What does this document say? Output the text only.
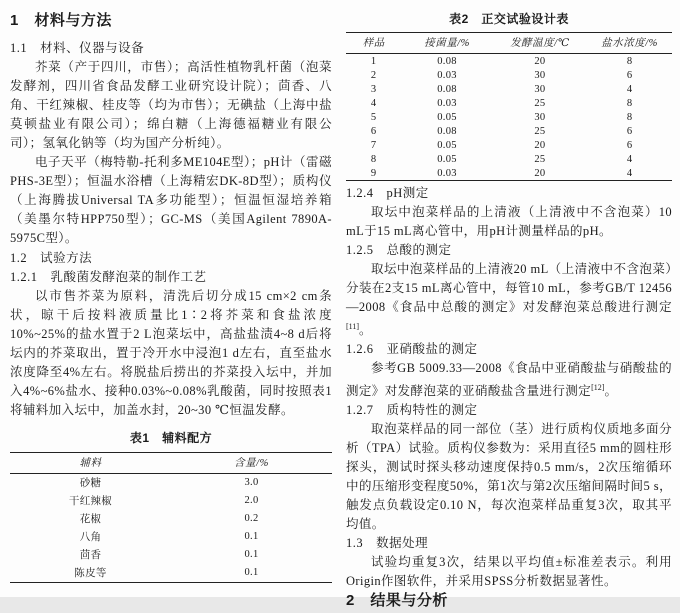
1　材料与方法
1.1　材料、仪器与设备

芥菜（产于四川，市售）；高活性植物乳杆菌（泡菜发酵剂，四川省食品发酵工业研究设计院）；茴香、八角、干红辣椒、桂皮等（均为市售）；无碘盐（上海中盐莫顿盐业有限公司）；绵白糖（上海德福糖业有限公司）；氢氧化钠等（均为国产分析纯）。

电子天平（梅特勒-托利多ME104E型）；pH计（雷磁PHS-3E型）；恒温水浴槽（上海精宏DK-8D型）；质构仪（上海腾拔Universal TA多功能型）；恒温恒湿培养箱（美墨尔特HPP750型）；GC-MS（美国Agilent 7890A-5975C型）。

1.2　试验方法
1.2.1　乳酸菌发酵泡菜的制作工艺

以市售芥菜为原料，清洗后切分成15 cm×2 cm条状，晾干后按料液质量比1∶2将芥菜和食盐浓度10%~25%的盐水置于2 L泡菜坛中，高盐盐渍4~8 d后将坛内的芥菜取出，置于冷开水中浸泡1 d左右，直至盐水浓度降至4%左右。将脱盐后捞出的芥菜投入坛中，并加入4%~6%盐水、接种0.03%~0.08%乳酸菌，同时按照表1将辅料加入坛中，加盖水封，20~30 ℃恒温发酵。

表1　辅料配方
辅料	含量/%
砂糖	3.0
干红辣椒	2.0
花椒	0.2
八角	0.1
茴香	0.1
陈皮等	0.1
表2　正交试验设计表
样品	接菌量/%	发酵温度/℃	盐水浓度/%
1	0.08	20	8
2	0.03	30	6
3	0.08	30	4
4	0.03	25	8
5	0.05	30	8
6	0.08	25	6
7	0.05	20	6
8	0.05	25	4
9	0.03	20	4
1.2.4　pH测定

取坛中泡菜样品的上清液（上清液中不含泡菜）10 mL于15 mL离心管中，用pH计测量样品的pH。

1.2.5　总酸的测定

取坛中泡菜样品的上清液20 mL（上清液中不含泡菜）分装在2支15 mL离心管中，每管10 mL，参考GB/T 12456—2008《食品中总酸的测定》对发酵泡菜总酸进行测定[11]。

1.2.6　亚硝酸盐的测定

参考GB 5009.33—2008《食品中亚硝酸盐与硝酸盐的测定》对发酵泡菜的亚硝酸盐含量进行测定[12]。

1.2.7　质构特性的测定

取泡菜样品的同一部位（茎）进行质构仪质地多面分析（TPA）试验。质构仪参数为：采用直径5 mm的圆柱形探头，测试时探头移动速度保持0.5 mm/s，2次压缩循环中的压缩形变程度50%，第1次与第2次压缩间隔时间5 s，触发点负载设定0.10 N，每次泡菜样品重复3次，取其平均值。

1.3　数据处理

试验均重复3次，结果以平均值±标准差表示。利用Origin作图软件，并采用SPSS分析数据显著性。

2　结果与分析
